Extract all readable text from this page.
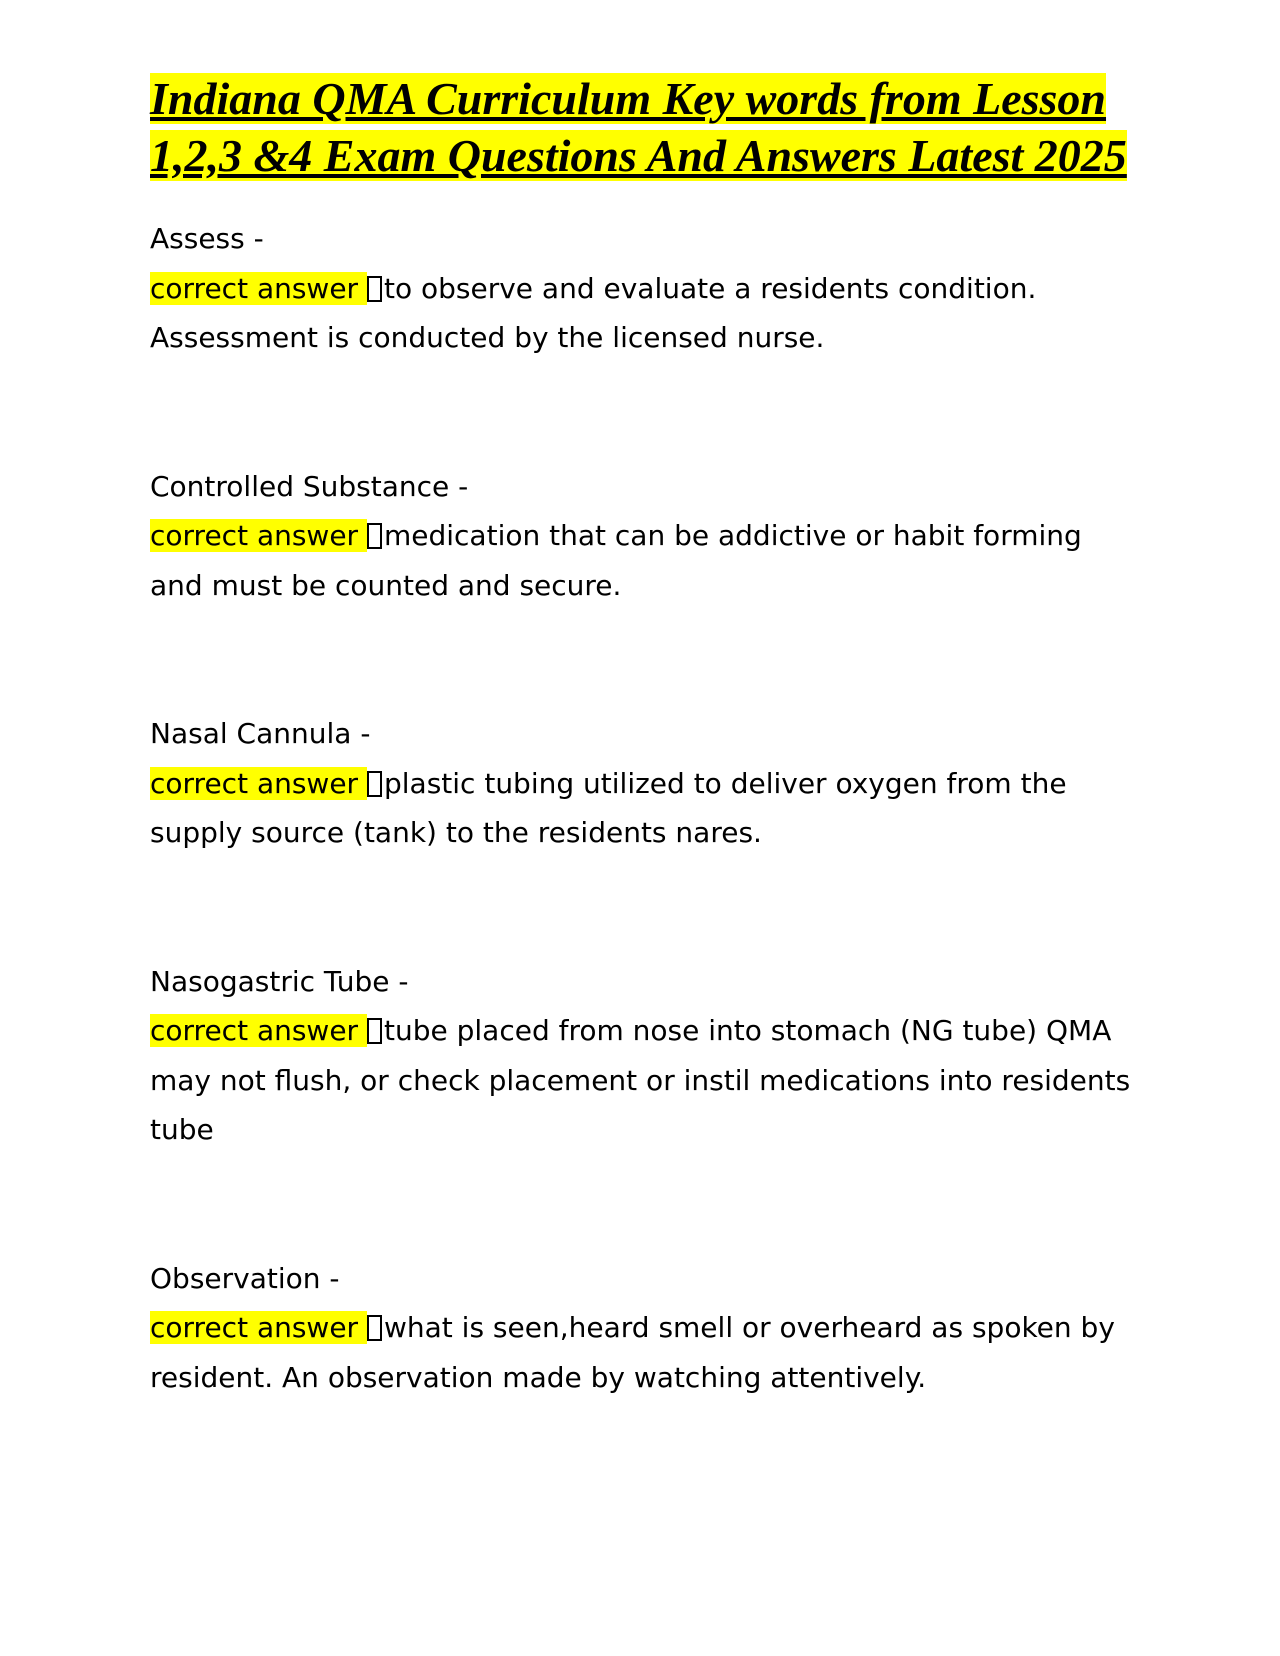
Indiana QMA Curriculum Key words from Lesson 1,2,3 &4 Exam Questions And Answers Latest 2025
Assess -
correct answer to observe and evaluate a residents condition. Assessment is conducted by the licensed nurse.
Controlled Substance -
correct answer medication that can be addictive or habit forming and must be counted and secure.
Nasal Cannula -
correct answer plastic tubing utilized to deliver oxygen from the supply source (tank) to the residents nares.
Nasogastric Tube -
correct answer tube placed from nose into stomach (NG tube) QMA may not flush, or check placement or instil medications into residents tube
Observation -
correct answer what is seen,heard smell or overheard as spoken by resident. An observation made by watching attentively.
